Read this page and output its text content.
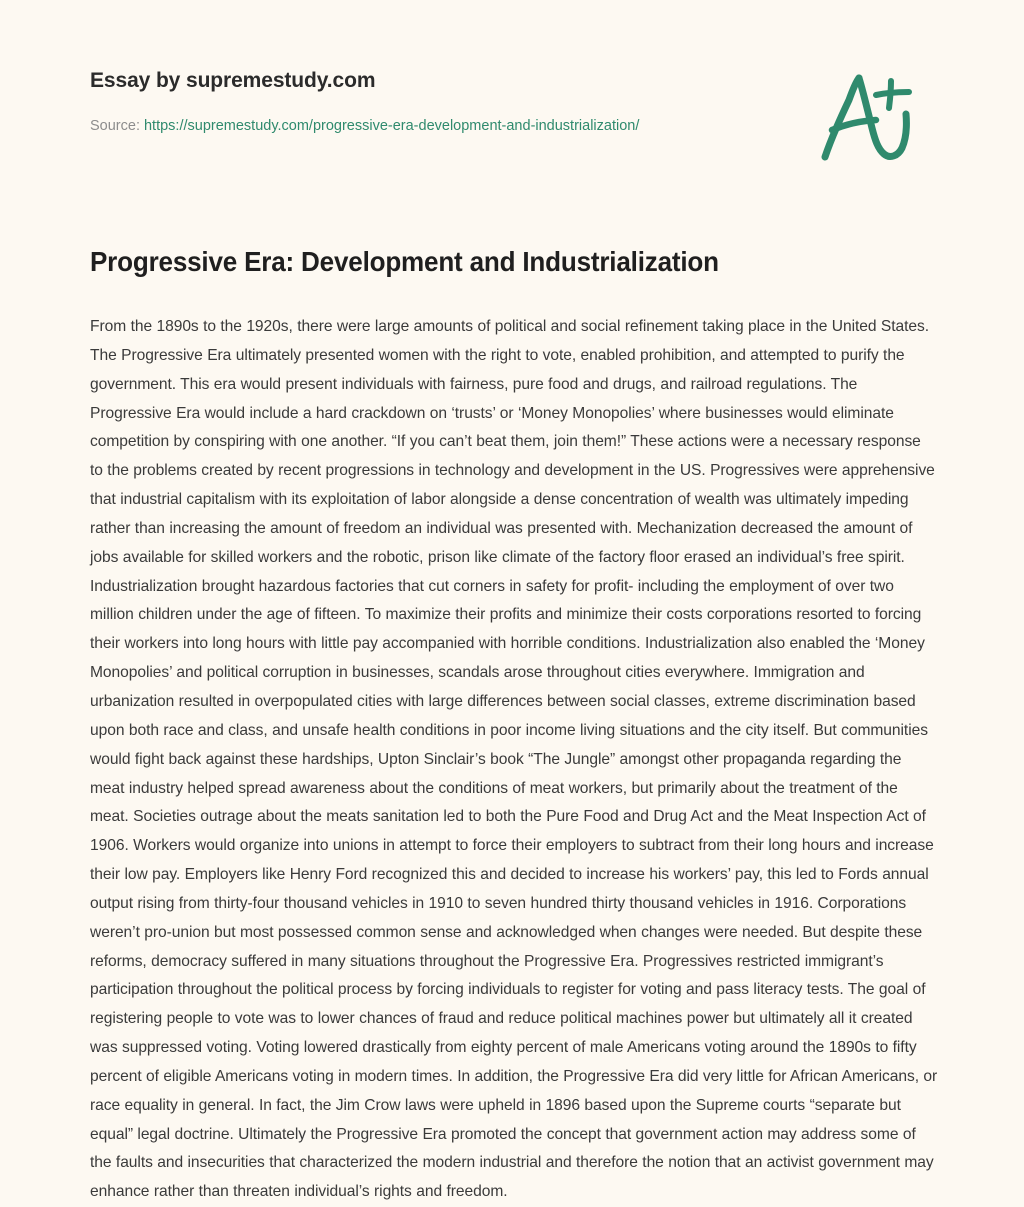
Essay by supremestudy.com
Source: https://supremestudy.com/progressive-era-development-and-industrialization/
Progressive Era: Development and Industrialization

From the 1890s to the 1920s, there were large amounts of political and social refinement taking place in the United States. The Progressive Era ultimately presented women with the right to vote, enabled prohibition, and attempted to purify the government. This era would present individuals with fairness, pure food and drugs, and railroad regulations. The Progressive Era would include a hard crackdown on ‘trusts’ or ‘Money Monopolies’ where businesses would eliminate competition by conspiring with one another. “If you can’t beat them, join them!” These actions were a necessary response to the problems created by recent progressions in technology and development in the US. Progressives were apprehensive that industrial capitalism with its exploitation of labor alongside a dense concentration of wealth was ultimately impeding rather than increasing the amount of freedom an individual was presented with. Mechanization decreased the amount of jobs available for skilled workers and the robotic, prison like climate of the factory floor erased an individual’s free spirit. Industrialization brought hazardous factories that cut corners in safety for profit- including the employment of over two million children under the age of fifteen. To maximize their profits and minimize their costs corporations resorted to forcing their workers into long hours with little pay accompanied with horrible conditions. Industrialization also enabled the ‘Money Monopolies’ and political corruption in businesses, scandals arose throughout cities everywhere. Immigration and urbanization resulted in overpopulated cities with large differences between social classes, extreme discrimination based upon both race and class, and unsafe health conditions in poor income living situations and the city itself. But communities would fight back against these hardships, Upton Sinclair’s book “The Jungle” amongst other propaganda regarding the meat industry helped spread awareness about the conditions of meat workers, but primarily about the treatment of the meat. Societies outrage about the meats sanitation led to both the Pure Food and Drug Act and the Meat Inspection Act of 1906. Workers would organize into unions in attempt to force their employers to subtract from their long hours and increase their low pay. Employers like Henry Ford recognized this and decided to increase his workers’ pay, this led to Fords annual output rising from thirty-four thousand vehicles in 1910 to seven hundred thirty thousand vehicles in 1916. Corporations weren’t pro-union but most possessed common sense and acknowledged when changes were needed. But despite these reforms, democracy suffered in many situations throughout the Progressive Era. Progressives restricted immigrant’s participation throughout the political process by forcing individuals to register for voting and pass literacy tests. The goal of registering people to vote was to lower chances of fraud and reduce political machines power but ultimately all it created was suppressed voting. Voting lowered drastically from eighty percent of male Americans voting around the 1890s to fifty percent of eligible Americans voting in modern times. In addition, the Progressive Era did very little for African Americans, or race equality in general. In fact, the Jim Crow laws were upheld in 1896 based upon the Supreme courts “separate but equal” legal doctrine. Ultimately the Progressive Era promoted the concept that government action may address some of the faults and insecurities that characterized the modern industrial and therefore the notion that an activist government may enhance rather than threaten individual’s rights and freedom.
